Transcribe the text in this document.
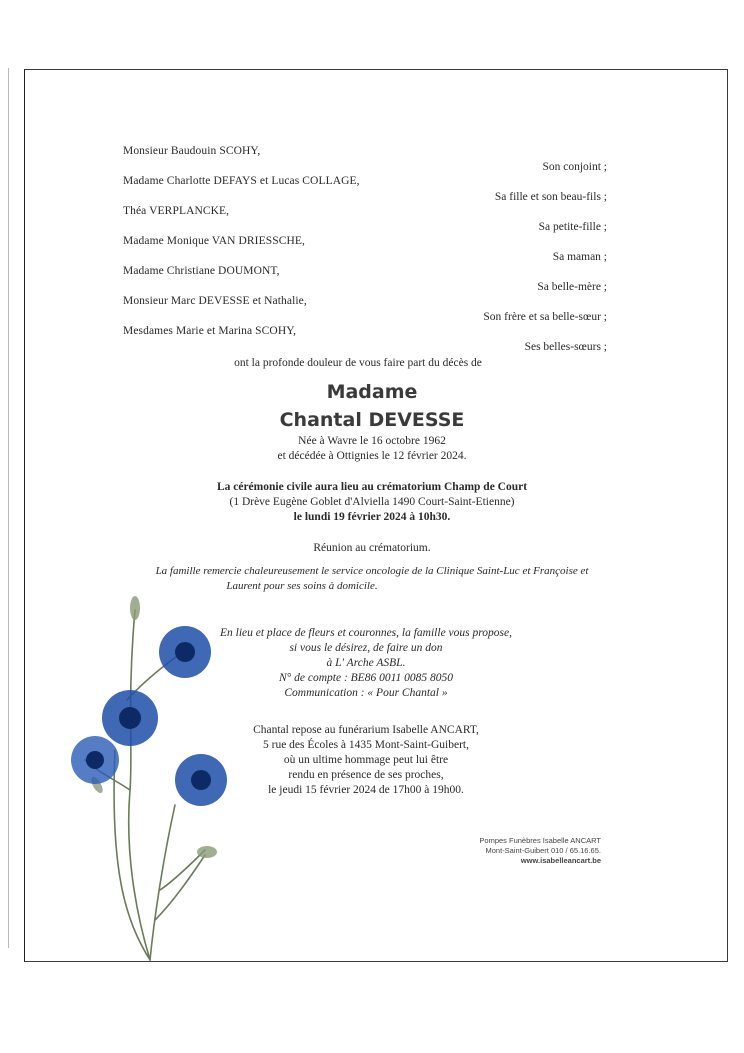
Monsieur Baudouin SCOHY,
Son conjoint ;
Madame Charlotte DEFAYS et Lucas COLLAGE,
Sa fille et son beau-fils ;
Théa VERPLANCKE,
Sa petite-fille ;
Madame Monique VAN DRIESSCHE,
Sa maman ;
Madame Christiane DOUMONT,
Sa belle-mère ;
Monsieur Marc DEVESSE et Nathalie,
Son frère et sa belle-sœur ;
Mesdames Marie et Marina SCOHY,
Ses belles-sœurs ;
ont la profonde douleur de vous faire part du décès de
Madame
Chantal DEVESSE
Née à Wavre le 16 octobre 1962
et décédée à Ottignies le 12 février 2024.
La cérémonie civile aura lieu au crématorium Champ de Court
(1 Drève Eugène Goblet d'Alviella 1490 Court-Saint-Etienne)
le lundi 19 février 2024 à 10h30.
Réunion au crématorium.
La famille remercie chaleureusement le service oncologie de la Clinique Saint-Luc et Françoise et
Laurent pour ses soins à domicile.
En lieu et place de fleurs et couronnes, la famille vous propose,
si vous le désirez, de faire un don
à L' Arche ASBL.
N° de compte : BE86 0011 0085 8050
Communication : « Pour Chantal »
Chantal repose au funérarium Isabelle ANCART,
5 rue des Écoles à 1435 Mont-Saint-Guibert,
où un ultime hommage peut lui être
rendu en présence de ses proches,
le jeudi 15 février 2024 de 17h00 à 19h00.
Pompes Funèbres Isabelle ANCART
Mont-Saint-Guibert 010 / 65.16.65.
www.isabelleancart.be
